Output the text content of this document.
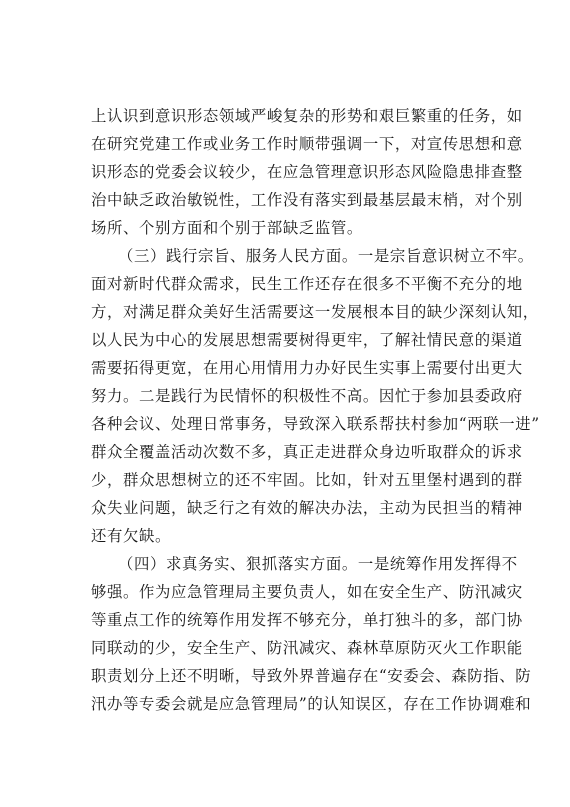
上认识到意识形态领域严峻复杂的形势和艰巨繁重的任务，如
在研究党建工作或业务工作时顺带强调一下，对宣传思想和意
识形态的党委会议较少，在应急管理意识形态风险隐患排查整
治中缺乏政治敏锐性，工作没有落实到最基层最末梢，对个别
场所、个别方面和个别于部缺乏监管。
（三）践行宗旨、服务人民方面。一是宗旨意识树立不牢。
面对新时代群众需求，民生工作还存在很多不平衡不充分的地
方，对满足群众美好生活需要这一发展根本目的缺少深刻认知，
以人民为中心的发展思想需要树得更牢，了解社情民意的渠道
需要拓得更宽，在用心用情用力办好民生实事上需要付出更大
努力。二是践行为民情怀的积极性不高。因忙于参加县委政府
各种会议、处理日常事务，导致深入联系帮扶村参加“两联一进”
群众全覆盖活动次数不多，真正走进群众身边听取群众的诉求
少，群众思想树立的还不牢固。比如，针对五里堡村遇到的群
众失业问题，缺乏行之有效的解决办法，主动为民担当的精神
还有欠缺。
（四）求真务实、狠抓落实方面。一是统筹作用发挥得不
够强。作为应急管理局主要负责人，如在安全生产、防汛减灾
等重点工作的统筹作用发挥不够充分，单打独斗的多，部门协
同联动的少，安全生产、防汛减灾、森林草原防灭火工作职能
职责划分上还不明晰，导致外界普遍存在“安委会、森防指、防
汛办等专委会就是应急管理局”的认知误区，存在工作协调难和
